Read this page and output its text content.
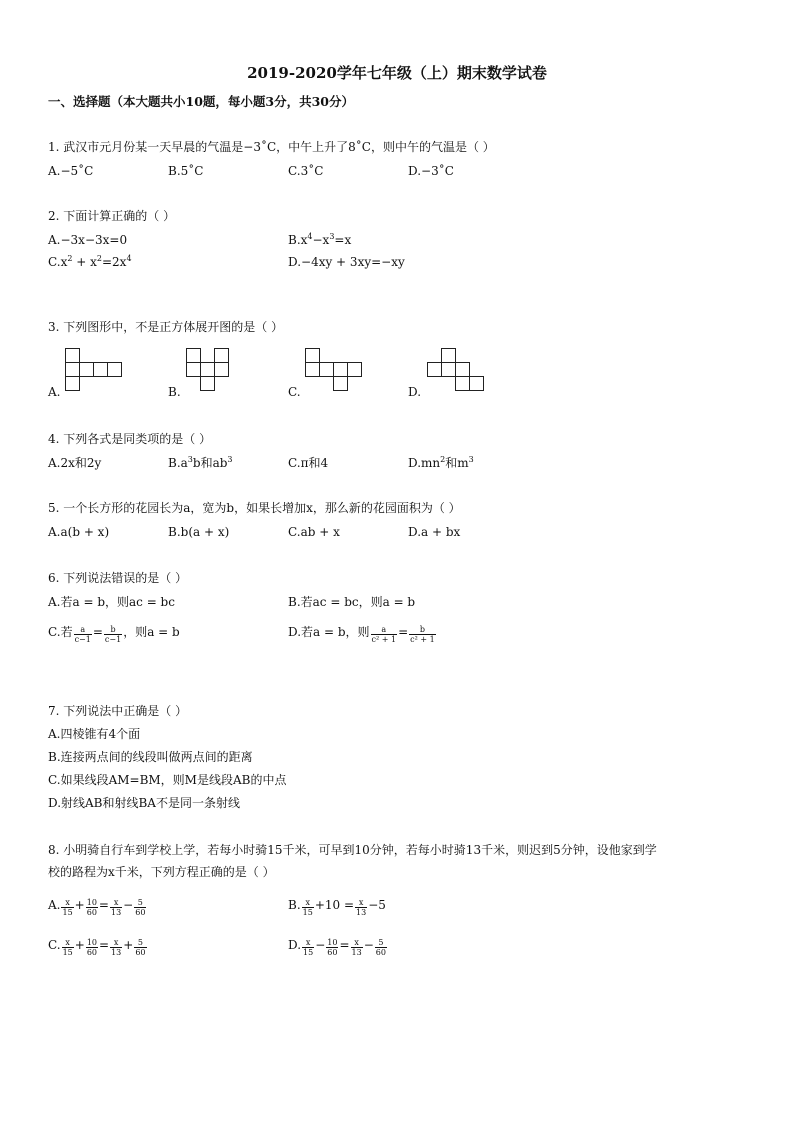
2019-2020学年七年级（上）期末数学试卷
一、选择题（本大题共小10题，每小题3分，共30分）
1. 武汉市元月份某一天早晨的气温是−3˚C，中午上升了8˚C，则中午的气温是（ ）
A.−5˚C	B.5˚C	C.3˚C	D.−3˚C
2. 下面计算正确的（ ）
A.−3x−3x=0	$B.x^4-x^3=x$
$C.x^2 + x^2=2x^4$	D.−4xy + 3xy=−xy
3. 下列图形中，不是正方体展开图的是（ ）
A.	B.	C.	D.
4. 下列各式是同类项的是（ ）
A.2x和2y	$B.a^3b$和$ab^3$	C.π和4	$D.mn^2$和$m^3$
5. 一个长方形的花园长为a，宽为b，如果长增加x，那么新的花园面积为（ ）
A.a(b + x)	B.b(a + x)	C.ab + x	D.a + bx
6. 下列说法错误的是（ ）
A.若a = b，则ac = bc	B.若ac = bc，则a = b
C.若 $\frac{a}{c-1} = \frac{b}{c-1}$ ，则a = b	D.若a = b，则 $\frac{a}{\text{c² + 1}} = \frac{b}{\text{c² + 1}}$
7. 下列说法中正确是（ ）
A.四棱锥有4个面
B.连接两点间的线段叫做两点间的距离
C.如果线段AM=BM，则M是线段AB的中点
D.射线AB和射线BA不是同一条射线
8. 小明骑自行车到学校上学，若每小时骑15千米，可早到10分钟，若每小时骑13千米，则迟到5分钟，设他家到学
校的路程为x千米，下列方程正确的是（ ）
A. $\frac{x}{15} + \frac{10}{60} = \frac{x}{13} - \frac{5}{60}$	B. $\frac{x}{15} +10 = \frac{x}{13} -5$
C. $\frac{x}{15} + \frac{10}{60} = \frac{x}{13} + \frac{5}{60}$	D. $\frac{x}{15} - \frac{10}{60} = \frac{x}{13} - \frac{5}{60}$
